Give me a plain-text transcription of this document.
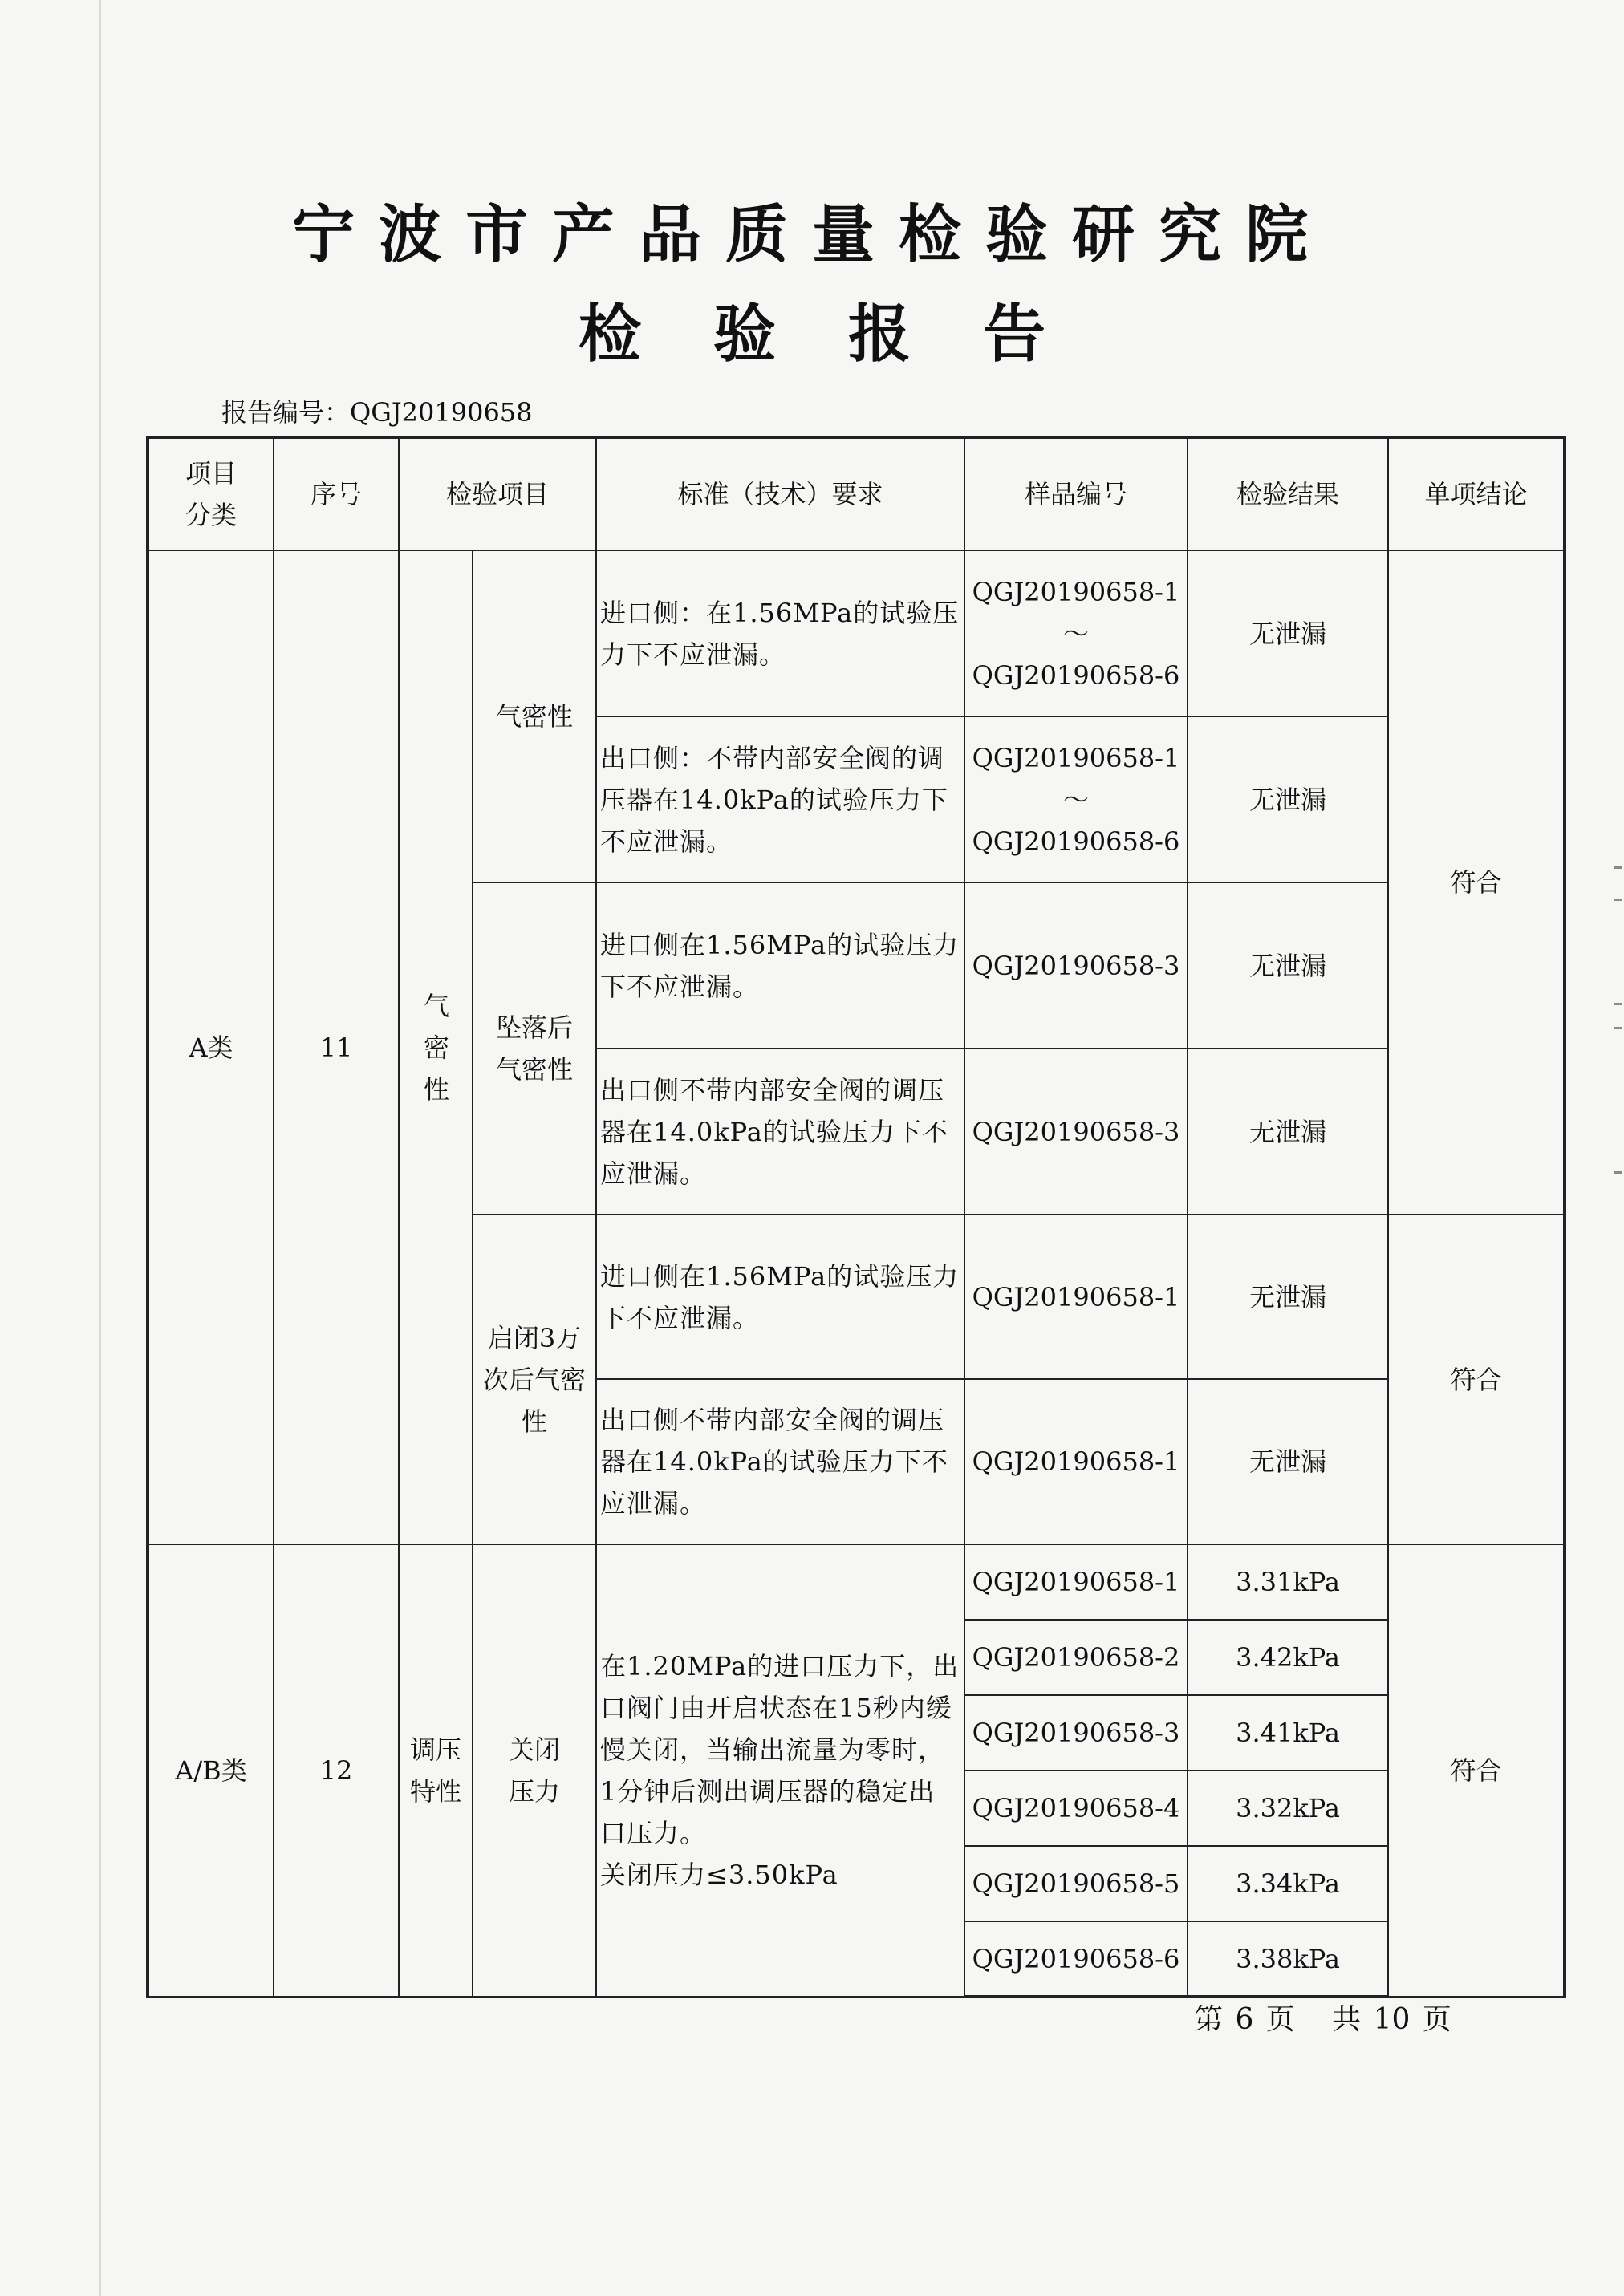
宁波市产品质量检验研究院
检验报告
报告编号：QGJ20190658
项目分类	序号	检验项目		标准（技术）要求	样品编号	检验结果	单项结论
A类	11	气密性	气密性	进口侧：在1.56MPa的试验压力下不应泄漏。	QGJ20190658-1
～
QGJ20190658-6	无泄漏	符合
				出口侧：不带内部安全阀的调压器在14.0kPa的试验压力下不应泄漏。	QGJ20190658-1
～
QGJ20190658-6	无泄漏	
			坠落后气密性	进口侧在1.56MPa的试验压力下不应泄漏。	QGJ20190658-3	无泄漏	
				出口侧不带内部安全阀的调压器在14.0kPa的试验压力下不应泄漏。	QGJ20190658-3	无泄漏	
			启闭3万次后气密性	进口侧在1.56MPa的试验压力下不应泄漏。	QGJ20190658-1	无泄漏	符合
				出口侧不带内部安全阀的调压器在14.0kPa的试验压力下不应泄漏。	QGJ20190658-1	无泄漏	
A/B类	12	调压特性	关闭压力	在1.20MPa的进口压力下，出口阀门由开启状态在15秒内缓慢关闭，当输出流量为零时，1分钟后测出调压器的稳定出口压力。
关闭压力≤3.50kPa	QGJ20190658-1	3.31kPa	符合
					QGJ20190658-2	3.42kPa	
					QGJ20190658-3	3.41kPa	
					QGJ20190658-4	3.32kPa	
					QGJ20190658-5	3.34kPa	
					QGJ20190658-6	3.38kPa	
第 6 页 共 10 页
